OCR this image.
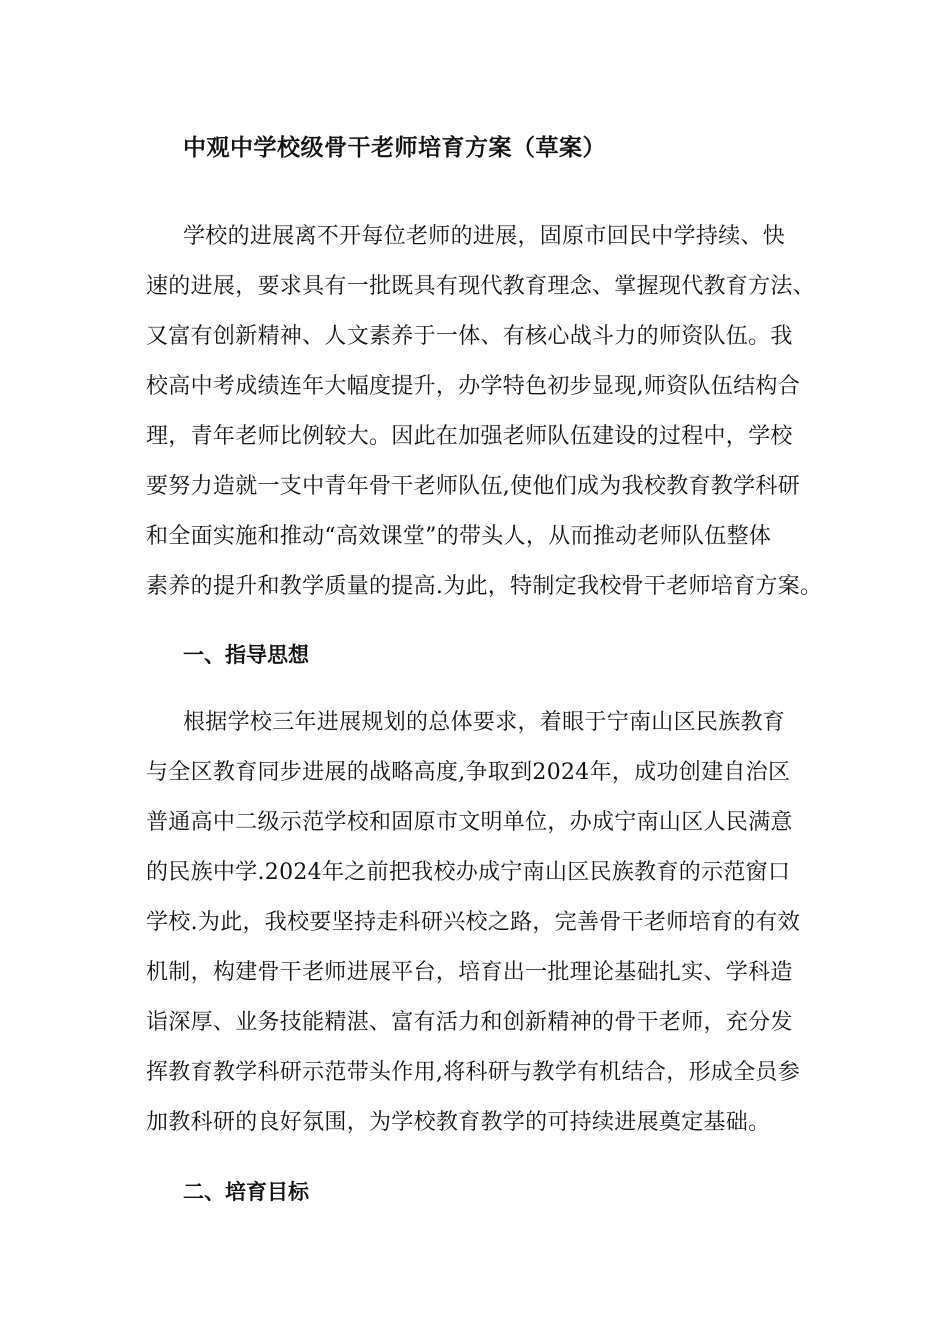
中观中学校级骨干老师培育方案（草案）

学校的进展离不开每位老师的进展，固原市回民中学持续、快

速的进展，要求具有一批既具有现代教育理念、掌握现代教育方法、

又富有创新精神、人文素养于一体、有核心战斗力的师资队伍。我

校高中考成绩连年大幅度提升，办学特色初步显现,师资队伍结构合

理，青年老师比例较大。因此在加强老师队伍建设的过程中，学校

要努力造就一支中青年骨干老师队伍,使他们成为我校教育教学科研

和全面实施和推动“高效课堂”的带头人，从而推动老师队伍整体

素养的提升和教学质量的提高.为此，特制定我校骨干老师培育方案。

一、指导思想

根据学校三年进展规划的总体要求，着眼于宁南山区民族教育

与全区教育同步进展的战略高度,争取到2024年，成功创建自治区

普通高中二级示范学校和固原市文明单位，办成宁南山区人民满意

的民族中学.2024年之前把我校办成宁南山区民族教育的示范窗口

学校.为此，我校要坚持走科研兴校之路，完善骨干老师培育的有效

机制，构建骨干老师进展平台，培育出一批理论基础扎实、学科造

诣深厚、业务技能精湛、富有活力和创新精神的骨干老师，充分发

挥教育教学科研示范带头作用,将科研与教学有机结合，形成全员参

加教科研的良好氛围，为学校教育教学的可持续进展奠定基础。

二、培育目标
